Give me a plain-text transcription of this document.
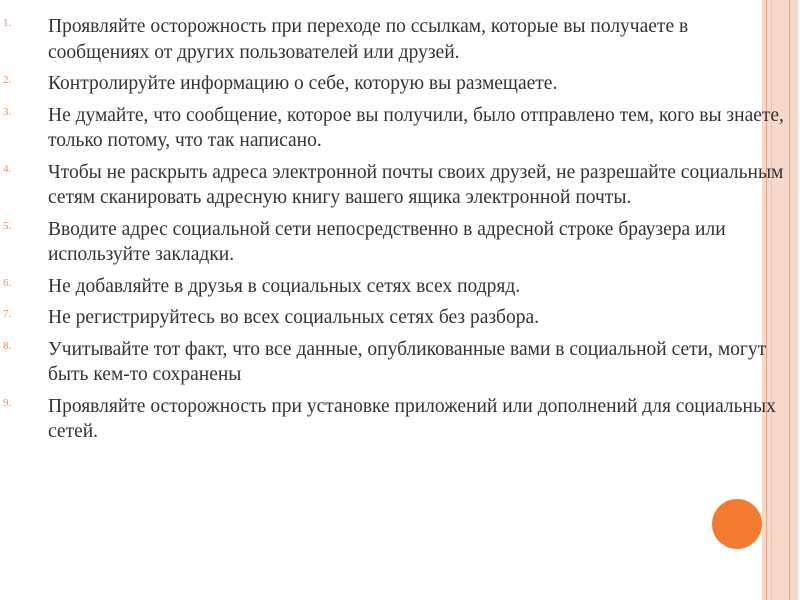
1. Проявляйте осторожность при переходе по ссылкам, которые вы получаете в сообщениях от других пользователей или друзей.
2. Контролируйте информацию о себе, которую вы размещаете.
3. Не думайте, что сообщение, которое вы получили, было отправлено тем, кого вы знаете, только потому, что так написано.
4. Чтобы не раскрыть адреса электронной почты своих друзей, не разрешайте социальным сетям сканировать адресную книгу вашего ящика электронной почты.
5. Вводите адрес социальной сети непосредственно в адресной строке браузера или используйте закладки.
6. Не добавляйте в друзья в социальных сетях всех подряд.
7. Не регистрируйтесь во всех социальных сетях без разбора.
8. Учитывайте тот факт, что все данные, опубликованные вами в социальной сети, могут быть кем-то сохранены
9. Проявляйте осторожность при установке приложений или дополнений для социальных сетей.
